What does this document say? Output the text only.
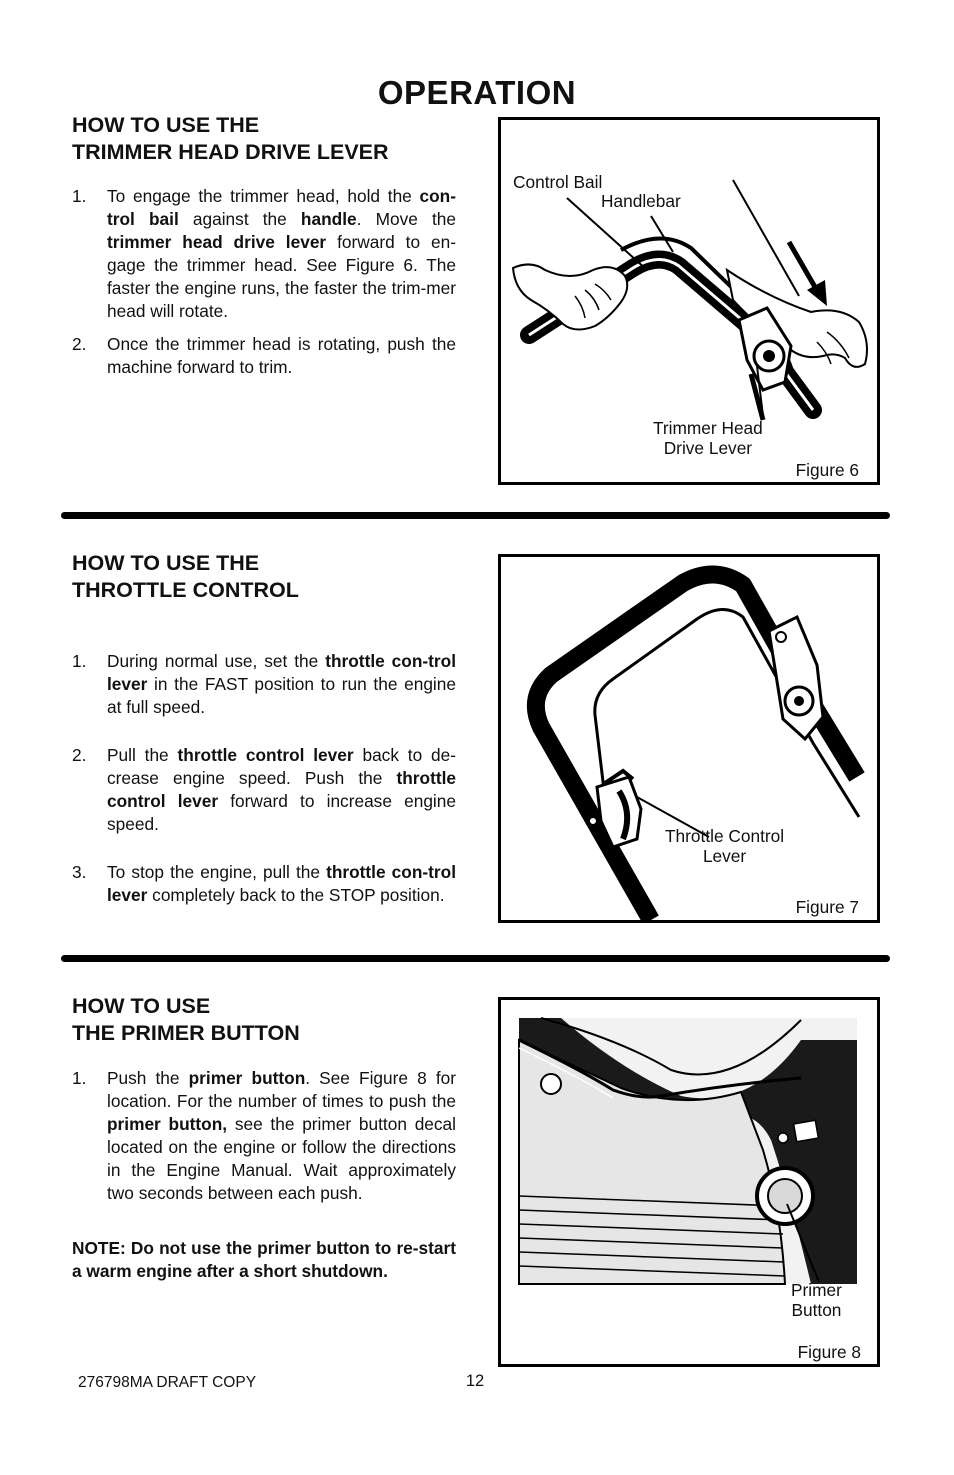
OPERATION
HOW TO USE THE
TRIMMER HEAD DRIVE LEVER
1. To engage the trimmer head, hold the con-trol bail against the handle. Move the trimmer head drive lever forward to en-gage the trimmer head. See Figure 6. The faster the engine runs, the faster the trim-mer head will rotate.
2. Once the trimmer head is rotating, push the machine forward to trim.
Control Bail
Handlebar
Trimmer Head
Drive Lever
Figure 6
HOW TO USE THE
THROTTLE CONTROL
1. During normal use, set the throttle con-trol lever in the FAST position to run the engine at full speed.
2. Pull the throttle control lever back to de-crease engine speed. Push the throttle control lever forward to increase engine speed.
3. To stop the engine, pull the throttle con-trol lever completely back to the STOP position.
Throttle Control
Lever
Figure 7
HOW TO USE
THE PRIMER BUTTON
1. Push the primer button. See Figure 8 for location. For the number of times to push the primer button, see the primer button decal located on the engine or follow the directions in the Engine Manual. Wait approximately two seconds between each push.
NOTE: Do not use the primer button to re-start a warm engine after a short shutdown.
Primer
Button
Figure 8
276798MA DRAFT COPY	12
